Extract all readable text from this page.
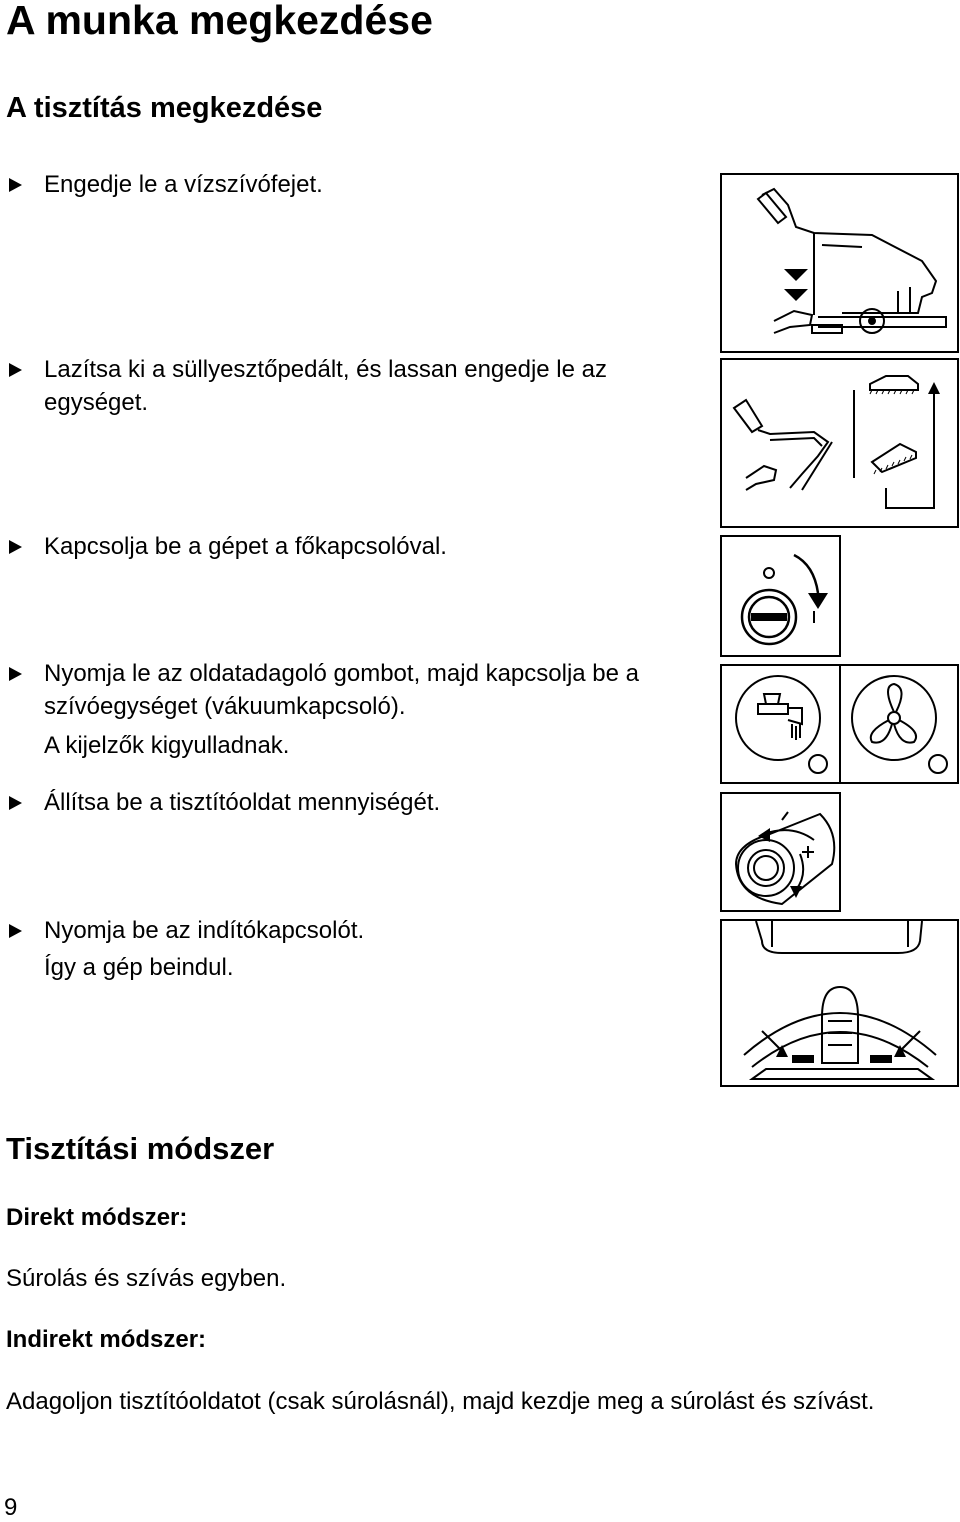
A munka megkezdése
A tisztítás megkezdése
Engedje le a vízszívófejet.
Lazítsa ki a süllyesztőpedált, és lassan engedje le az egységet.
Kapcsolja be a gépet a főkapcsolóval.
Nyomja le az oldatadagoló gombot, majd kapcsolja be a szívóegységet (vákuumkapcsoló).
A kijelzők kigyulladnak.
Állítsa be a tisztítóoldat mennyiségét.
Nyomja be az indítókapcsolót.
Így a gép beindul.
Tisztítási módszer
Direkt módszer:
Súrolás és szívás egyben.
Indirekt módszer:
Adagoljon tisztítóoldatot (csak súrolásnál), majd kezdje meg a súrolást és szívást.
9
